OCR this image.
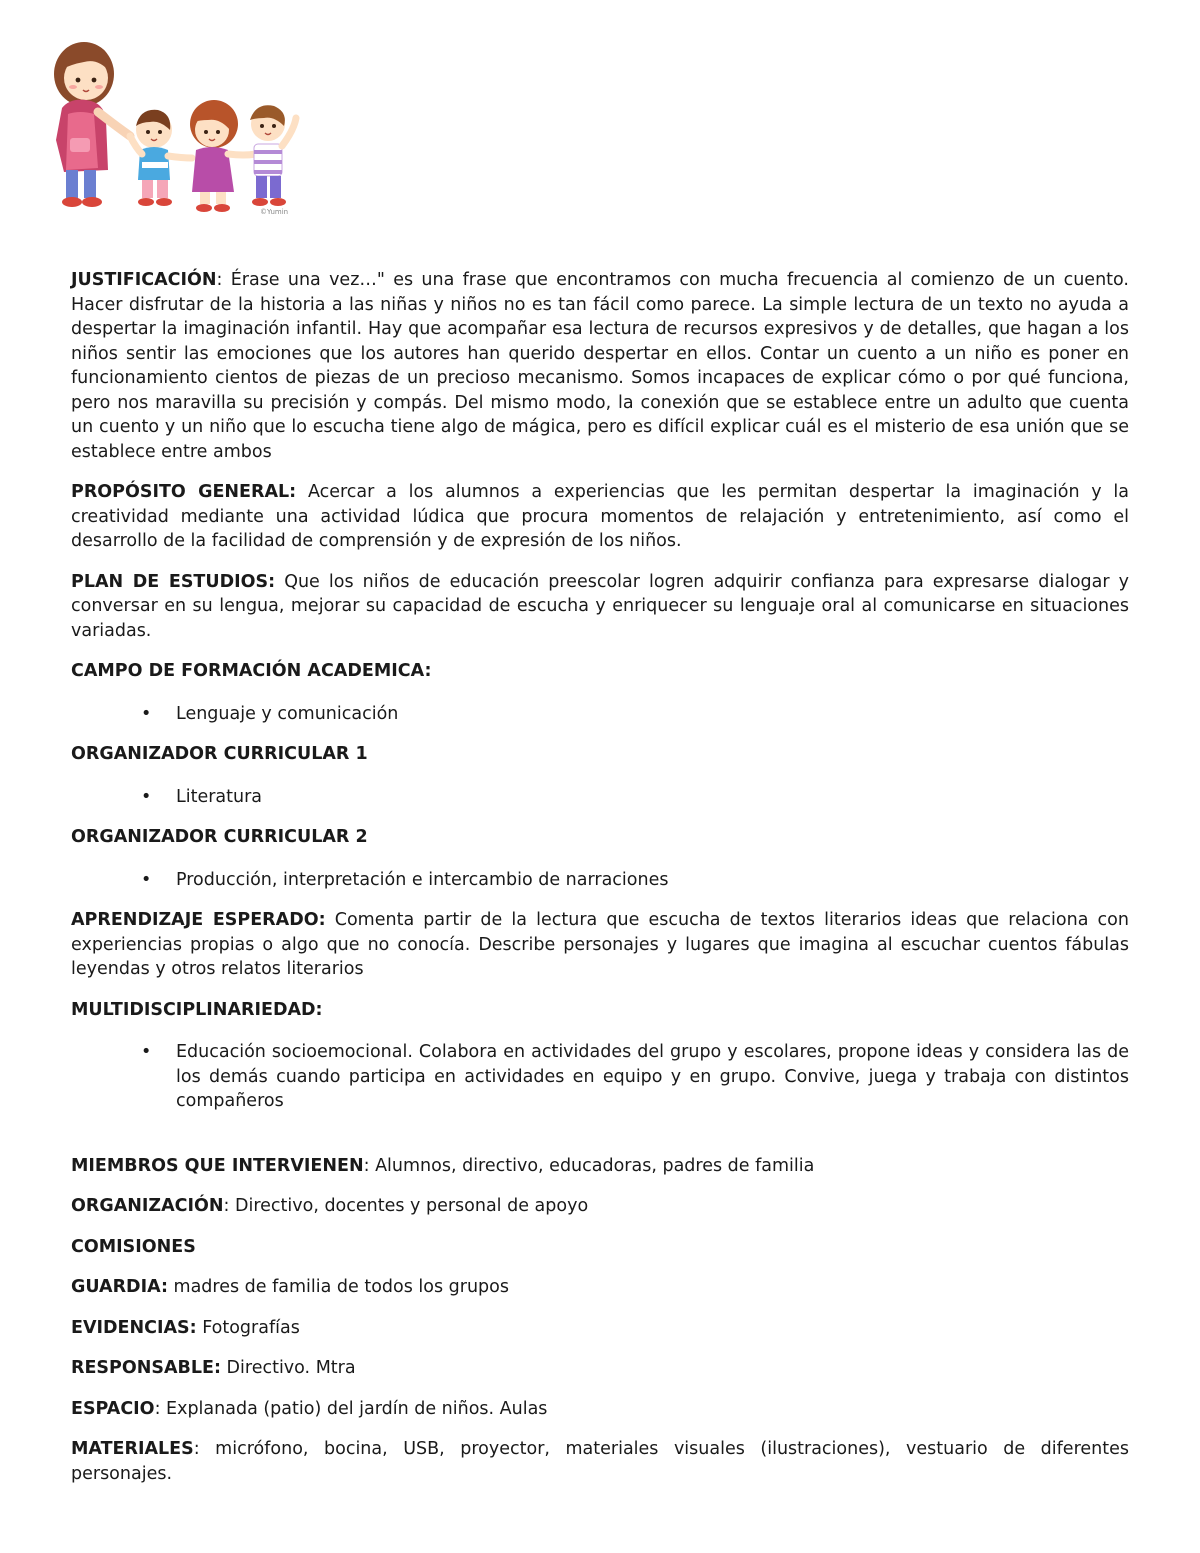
©Yumin

JUSTIFICACIÓN: Érase una vez…" es una frase que encontramos con mucha frecuencia al comienzo de un cuento. Hacer disfrutar de la historia a las niñas y niños no es tan fácil como parece. La simple lectura de un texto no ayuda a despertar la imaginación infantil. Hay que acompañar esa lectura de recursos expresivos y de detalles, que hagan a los niños sentir las emociones que los autores han querido despertar en ellos. Contar un cuento a un niño es poner en funcionamiento cientos de piezas de un precioso mecanismo. Somos incapaces de explicar cómo o por qué funciona, pero nos maravilla su precisión y compás. Del mismo modo, la conexión que se establece entre un adulto que cuenta un cuento y un niño que lo escucha tiene algo de mágica, pero es difícil explicar cuál es el misterio de esa unión que se establece entre ambos

PROPÓSITO GENERAL: Acercar a los alumnos a experiencias que les permitan despertar la imaginación y la creatividad mediante una actividad lúdica que procura momentos de relajación y entretenimiento, así como el desarrollo de la facilidad de comprensión y de expresión de los niños.

PLAN DE ESTUDIOS: Que los niños de educación preescolar logren adquirir confianza para expresarse dialogar y conversar en su lengua, mejorar su capacidad de escucha y enriquecer su lenguaje oral al comunicarse en situaciones variadas.

CAMPO DE FORMACIÓN ACADEMICA:

• Lenguaje y comunicación

ORGANIZADOR CURRICULAR 1

• Literatura

ORGANIZADOR CURRICULAR 2

• Producción, interpretación e intercambio de narraciones

APRENDIZAJE ESPERADO: Comenta partir de la lectura que escucha de textos literarios ideas que relaciona con experiencias propias o algo que no conocía. Describe personajes y lugares que imagina al escuchar cuentos fábulas leyendas y otros relatos literarios

MULTIDISCIPLINARIEDAD:

• Educación socioemocional. Colabora en actividades del grupo y escolares, propone ideas y considera las de los demás cuando participa en actividades en equipo y en grupo. Convive, juega y trabaja con distintos compañeros

MIEMBROS QUE INTERVIENEN: Alumnos, directivo, educadoras, padres de familia

ORGANIZACIÓN: Directivo, docentes y personal de apoyo

COMISIONES

GUARDIA: madres de familia de todos los grupos

EVIDENCIAS: Fotografías

RESPONSABLE: Directivo. Mtra

ESPACIO: Explanada (patio) del jardín de niños. Aulas

MATERIALES: micrófono, bocina, USB, proyector, materiales visuales (ilustraciones), vestuario de diferentes personajes.
